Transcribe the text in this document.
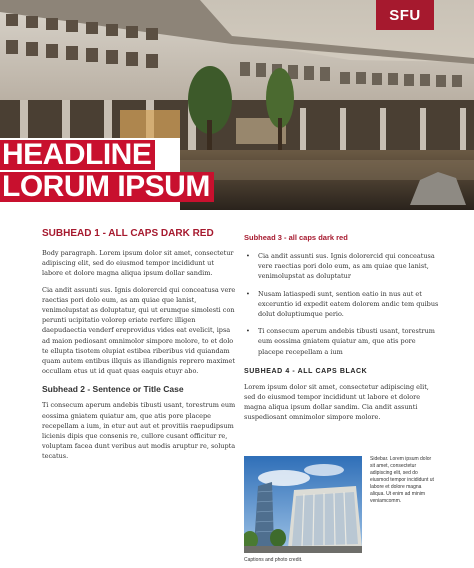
SFU
HEADLINE
LORUM IPSUM
SUBHEAD 1 - ALL CAPS DARK RED

Body paragraph. Lorem ipsum dolor sit amet, consectetur adipiscing elit, sed do eiusmod tempor incididunt ut labore et dolore magna aliqua ipsum dollar sandim.

Cia andit assunti sus. Ignis dolorercid qui conceatusa vere raectias pori dolo eum, as am quiae que lanist, venimolupstat as doluptatur, qui ut erumque simolesti con perunti ucipitatio volorep eriate rerferc illigen daepudaectia venderf ereprovidus vides eat evelicit, ipsa ad maion pediosant omnimolor simpore molore, to et dolo te ellupta tisotem olupiat estibea riberibus vid quiandam quam autem entibus illquis as illandignis reprero maximet occullam etus ut id quat quas eaquis etuyr abo.

Subhead 2 - Sentence or Title Case

Ti consecum aperum andebis tibusti usant, torestrum eum eossima gniatem quiatur am, que atis pore placepe recepellam a ium, in etur aut aut et provitiis raepudipsum licienis dipis que consenis re, cullore cusant officitur re, voluptam facea dunt veribus aut modis aruptur re, solupta tecatus.

Subhead 3 - all caps dark red
• Cia andit assunti sus. Ignis dolorercid qui conceatusa vere raectias pori dolo eum, as am quiae que lanist, venimolupstat as doluptatur
• Nusam latiaspedi sunt, sention eatio in nus aut et exceruntio id expedit eatem dolorem andic tem quibus dolut doluptiumque perio.
• Ti consecum aperum andebis tibusti usant, torestrum eum eossima gniatem quiatur am, que atis pore placepe recepellam a ium
SUBHEAD 4 - ALL CAPS BLACK

Lorem ipsum dolor sit amet, consectetur adipiscing elit, sed do eiusmod tempor incididunt ut labore et dolore magna aliqua ipsum dollar sandim. Cia andit assunti suspediosant omnimolor simpore molore.

Captions and photo credit.
Sidebar. Lorem ipsum dolor sit amet, consectetur adipiscing elit, sed do eiusmod tempor incididunt ut labore et dolore magna aliqua. Ut enim ad minim veniamcomm.
